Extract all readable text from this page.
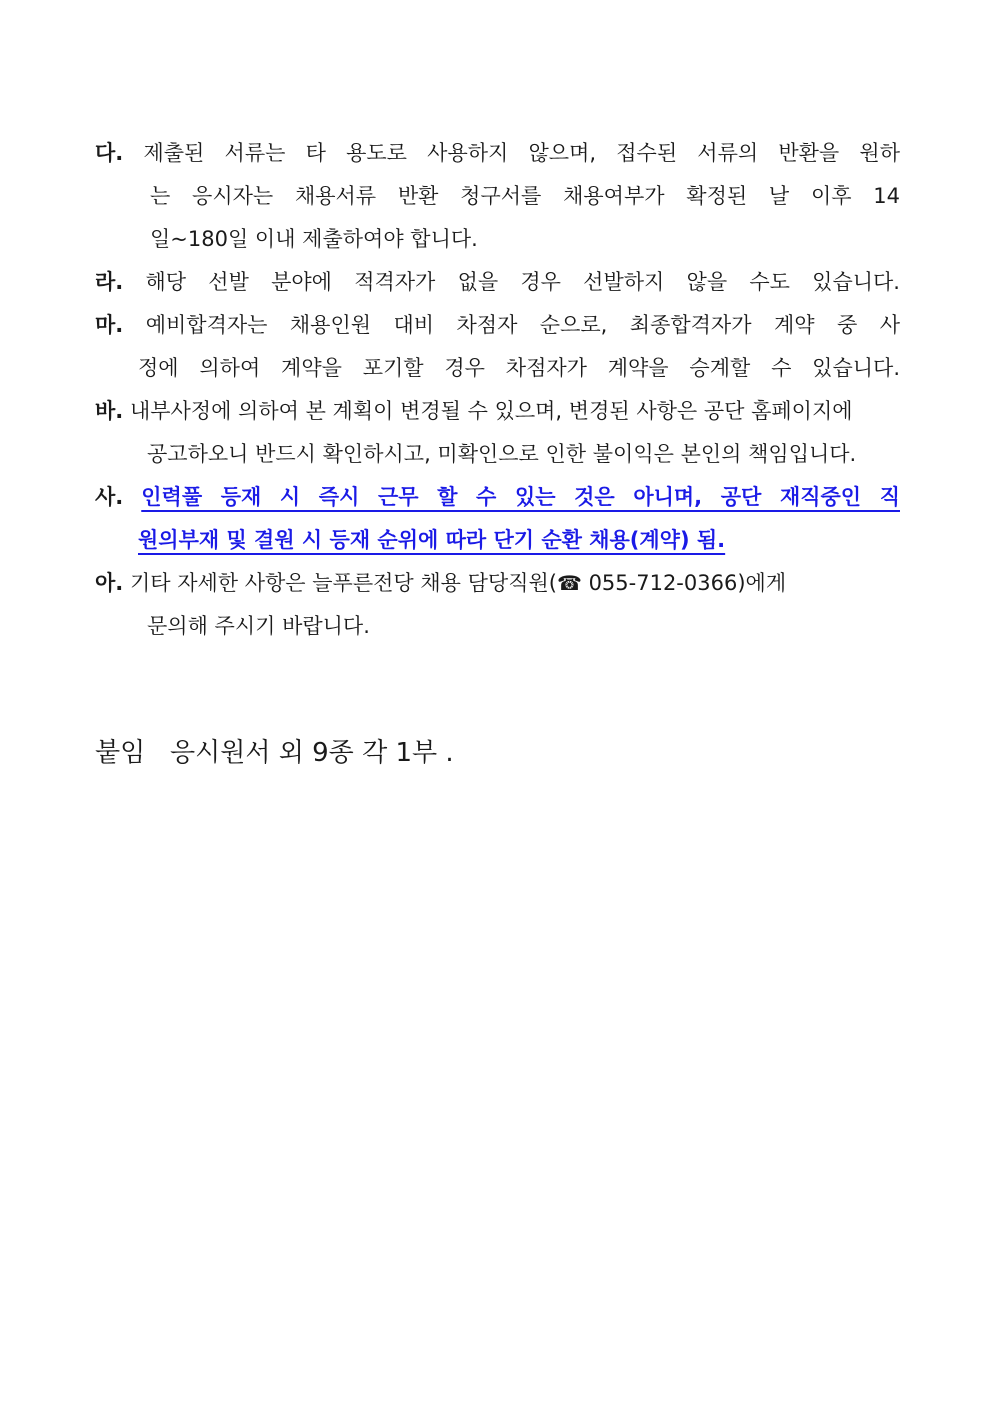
다. 제출된 서류는 타 용도로 사용하지 않으며, 접수된 서류의 반환을 원하
는 응시자는 채용서류 반환 청구서를 채용여부가 확정된 날 이후 14
일~180일 이내 제출하여야 합니다.
라. 해당 선발 분야에 적격자가 없을 경우 선발하지 않을 수도 있습니다.
마. 예비합격자는 채용인원 대비 차점자 순으로, 최종합격자가 계약 중 사
정에 의하여 계약을 포기할 경우 차점자가 계약을 승계할 수 있습니다.
바. 내부사정에 의하여 본 계획이 변경될 수 있으며, 변경된 사항은 공단 홈페이지에
공고하오니 반드시 확인하시고, 미확인으로 인한 불이익은 본인의 책임입니다.
사. 인력풀 등재 시 즉시 근무 할 수 있는 것은 아니며, 공단 재직중인 직
원의부재 및 결원 시 등재 순위에 따라 단기 순환 채용(계약) 됨.
아. 기타 자세한 사항은 늘푸른전당 채용 담당직원(☎ 055-712-0366)에게
문의해 주시기 바랍니다.
붙임 응시원서 외 9종 각 1부 .
